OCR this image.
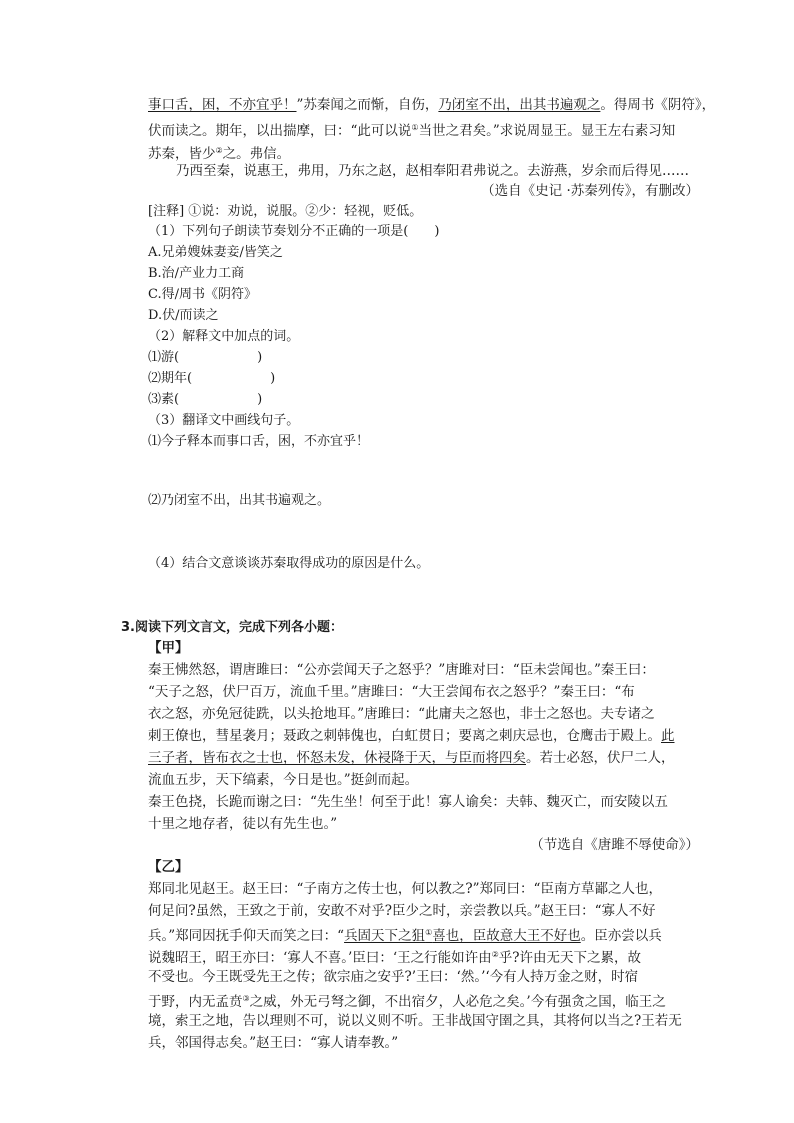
事口舌，困，不亦宜乎！”苏秦闻之而惭，自伤，乃闭室不出，出其书遍观之。得周书《阴符》，
伏而读之。期年，以出揣摩，曰：“此可以说①当世之君矣。”求说周显王。显王左右素习知
苏秦，皆少②之。弗信。
乃西至秦，说惠王，弗用，乃东之赵，赵相奉阳君弗说之。去游燕，岁余而后得见……
（选自《史记 ·苏秦列传》，有删改）
[注释] ①说：劝说，说服。②少：轻视，贬低。
（1）下列句子朗读节奏划分不正确的一项是(　　)
A.兄弟嫂妹妻妾/皆笑之
B.治/产业力工商
C.得/周书《阴符》
D.伏/而读之
（2）解释文中加点的词。
⑴游(　　　　　　)
⑵期年(　　　　　　)
⑶素(　　　　　　)
（3）翻译文中画线句子。
⑴今子释本而事口舌，困，不亦宜乎！
⑵乃闭室不出，出其书遍观之。
（4）结合文意谈谈苏秦取得成功的原因是什么。
3.阅读下列文言文，完成下列各小题：
【甲】
秦王怫然怒，谓唐雎曰：“公亦尝闻天子之怒乎？”唐雎对曰：“臣未尝闻也。”秦王曰：
“天子之怒，伏尸百万，流血千里。”唐雎曰：“大王尝闻布衣之怒乎？”秦王曰：“布
衣之怒，亦免冠徒跣，以头抢地耳。”唐雎曰：“此庸夫之怒也，非士之怒也。夫专诸之
刺王僚也，彗星袭月；聂政之刺韩傀也，白虹贯日；要离之刺庆忌也，仓鹰击于殿上。此
三子者，皆布衣之士也，怀怒未发，休祲降于天，与臣而将四矣。若士必怒，伏尸二人，
流血五步，天下缟素，今日是也。”挺剑而起。
秦王色挠，长跪而谢之曰：“先生坐！何至于此！寡人谕矣：夫韩、魏灭亡，而安陵以五
十里之地存者，徒以有先生也。”
（节选自《唐雎不辱使命》）
【乙】
郑同北见赵王。赵王曰：“子南方之传士也，何以教之?”郑同曰：“臣南方草鄙之人也，
何足问?虽然，王致之于前，安敢不对乎?臣少之时，亲尝教以兵。”赵王曰：“寡人不好
兵。”郑同因抚手仰天而笑之曰：“兵固天下之狙①喜也，臣故意大王不好也。臣亦尝以兵
说魏昭王，昭王亦曰：‘寡人不喜。’臣曰：‘王之行能如许由②乎?许由无天下之累，故
不受也。今王既受先王之传；欲宗庙之安乎?’王曰：‘然。’‘今有人持万金之财，时宿
于野，内无孟贲③之威，外无弓弩之御，不出宿夕，人必危之矣。’今有强贪之国，临王之
境，索王之地，告以理则不可，说以义则不听。王非战国守圉之具，其将何以当之?王若无
兵，邻国得志矣。”赵王曰：“寡人请奉教。”
